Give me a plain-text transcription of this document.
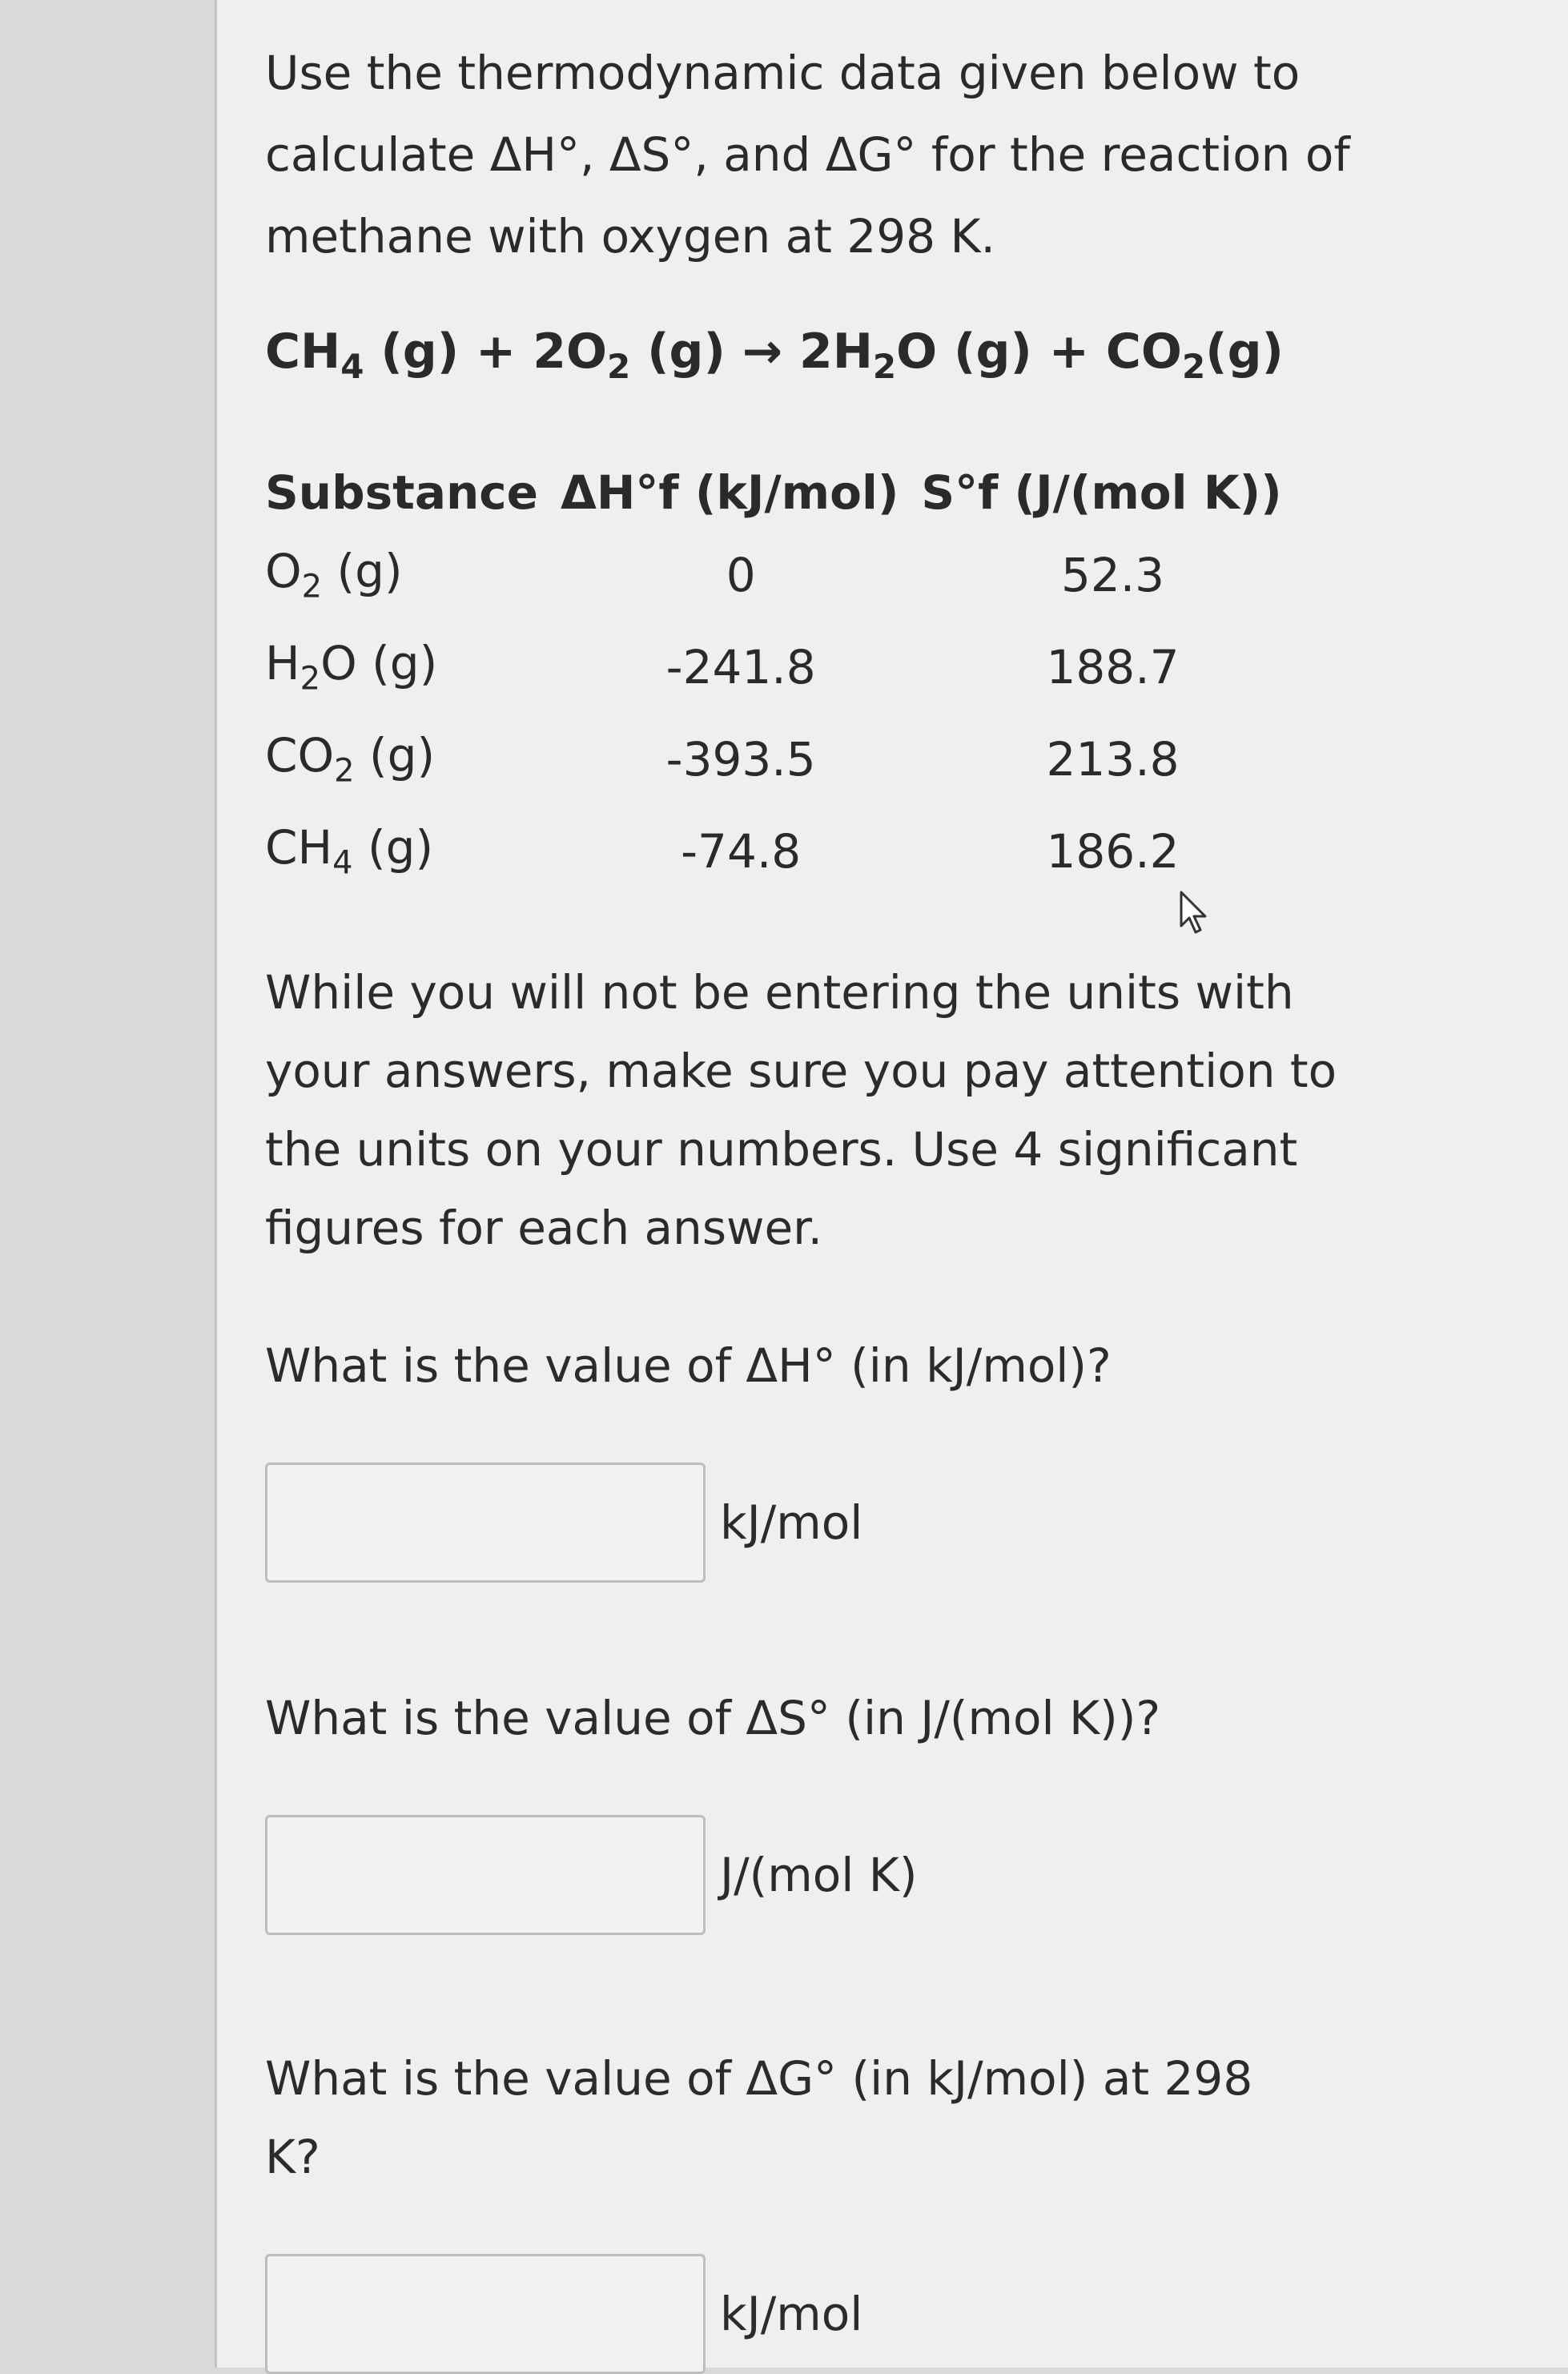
Use the thermodynamic data given below to

calculate ΔH°, ΔS°, and ΔG° for the reaction of

methane with oxygen at 298 K.

$CH_4$ $(g) + 2O_2$ $(g) \to 2H_2O$ $(g) + CO_2(g)$
Substance	ΔH°f (kJ/mol)	S°f (J/(mol K))
$O_2$ (g)	0	52.3
$H_2O$ (g)	-241.8	188.7
$CO_2$ (g)	-393.5	213.8
$CH_4$ (g)	-74.8	186.2
While you will not be entering the units with
your answers, make sure you pay attention to
the units on your numbers. Use 4 significant
figures for each answer.
What is the value of ΔH° (in kJ/mol)?
kJ/mol
What is the value of ΔS° (in J/(mol K))?
J/(mol K)
What is the value of ΔG° (in kJ/mol) at 298
K?
kJ/mol
